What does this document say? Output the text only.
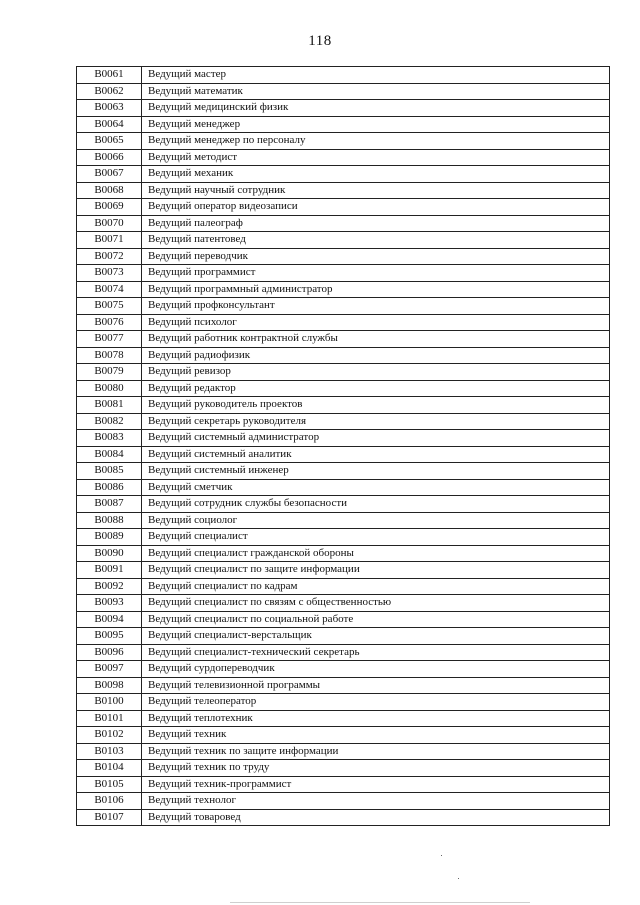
118
B0061	Ведущий мастер
B0062	Ведущий математик
B0063	Ведущий медицинский физик
B0064	Ведущий менеджер
B0065	Ведущий менеджер по персоналу
B0066	Ведущий методист
B0067	Ведущий механик
B0068	Ведущий научный сотрудник
B0069	Ведущий оператор видеозаписи
B0070	Ведущий палеограф
B0071	Ведущий патентовед
B0072	Ведущий переводчик
B0073	Ведущий программист
B0074	Ведущий программный администратор
B0075	Ведущий профконсультант
B0076	Ведущий психолог
B0077	Ведущий работник контрактной службы
B0078	Ведущий радиофизик
B0079	Ведущий ревизор
B0080	Ведущий редактор
B0081	Ведущий руководитель проектов
B0082	Ведущий секретарь руководителя
B0083	Ведущий системный администратор
B0084	Ведущий системный аналитик
B0085	Ведущий системный инженер
B0086	Ведущий сметчик
B0087	Ведущий сотрудник службы безопасности
B0088	Ведущий социолог
B0089	Ведущий специалист
B0090	Ведущий специалист гражданской обороны
B0091	Ведущий специалист по защите информации
B0092	Ведущий специалист по кадрам
B0093	Ведущий специалист по связям с общественностью
B0094	Ведущий специалист по социальной работе
B0095	Ведущий специалист-верстальщик
B0096	Ведущий специалист-технический секретарь
B0097	Ведущий сурдопереводчик
B0098	Ведущий телевизионной программы
B0100	Ведущий телеоператор
B0101	Ведущий теплотехник
B0102	Ведущий техник
B0103	Ведущий техник по защите информации
B0104	Ведущий техник по труду
B0105	Ведущий техник-программист
B0106	Ведущий технолог
B0107	Ведущий товаровед
